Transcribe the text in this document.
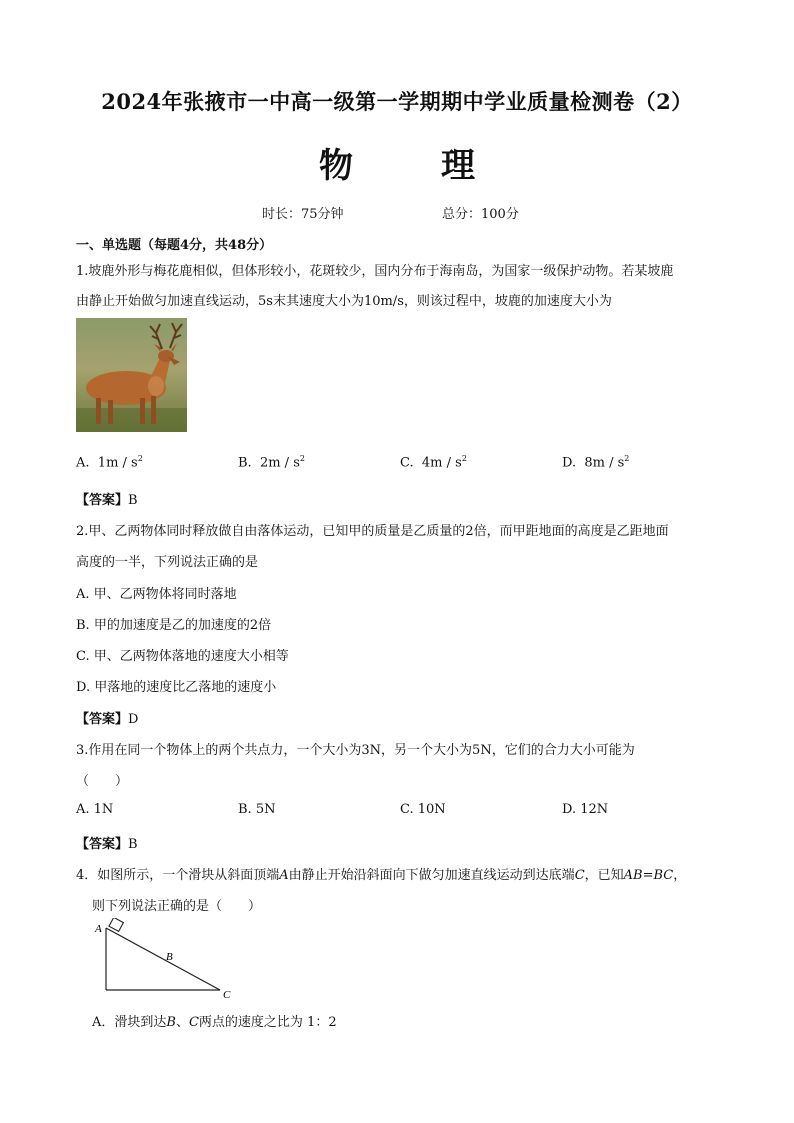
2024年张掖市一中高一级第一学期期中学业质量检测卷（2）
物	理
时长：75分钟	总分：100分
一、单选题（每题4分，共48分）
1.坡鹿外形与梅花鹿相似，但体形较小，花斑较少，国内分布于海南岛，为国家一级保护动物。若某坡鹿
由静止开始做匀加速直线运动，5s末其速度大小为10m/s，则该过程中，坡鹿的加速度大小为
A. $1m / s^2$	B. $2m / s^2$	C. $4m / s^2$	D. $8m / s^2$
【答案】B
2.甲、乙两物体同时释放做自由落体运动，已知甲的质量是乙质量的2倍，而甲距地面的高度是乙距地面
高度的一半，下列说法正确的是
A. 甲、乙两物体将同时落地
B. 甲的加速度是乙的加速度的2倍
C. 甲、乙两物体落地的速度大小相等
D. 甲落地的速度比乙落地的速度小
【答案】D
3.作用在同一个物体上的两个共点力，一个大小为3N，另一个大小为5N，它们的合力大小可能为
（　　）
A. 1N	B. 5N	C. 10N	D. 12N
【答案】B
4．如图所示，一个滑块从斜面顶端A由静止开始沿斜面向下做匀加速直线运动到达底端C，已知AB=BC，
则下列说法正确的是（　　）
A
B
C
A．滑块到达B、C两点的速度之比为 1：2
